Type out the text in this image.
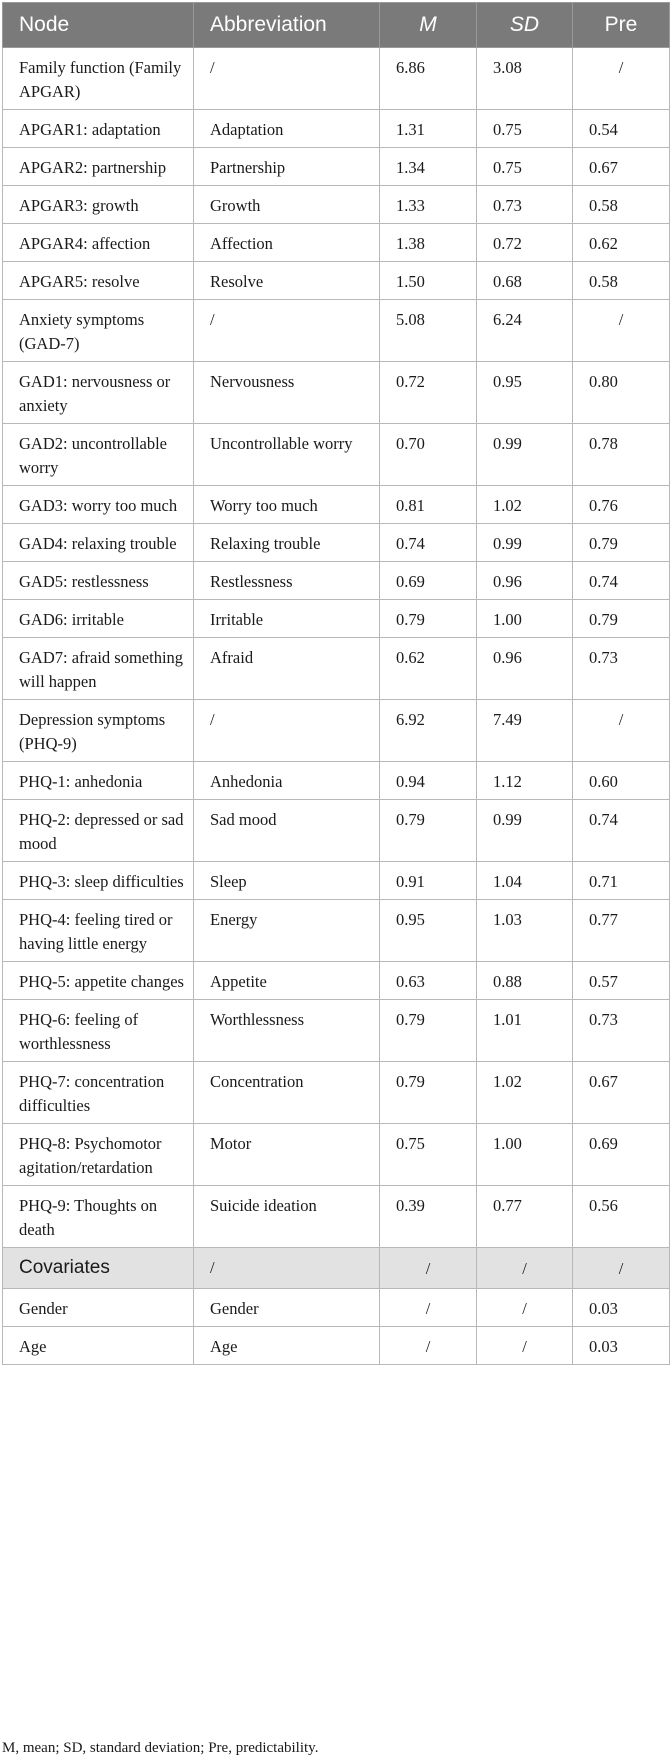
Node	Abbreviation	M	SD	Pre
Family function (Family APGAR)	/	6.86	3.08	/
APGAR1: adaptation	Adaptation	1.31	0.75	0.54
APGAR2: partnership	Partnership	1.34	0.75	0.67
APGAR3: growth	Growth	1.33	0.73	0.58
APGAR4: affection	Affection	1.38	0.72	0.62
APGAR5: resolve	Resolve	1.50	0.68	0.58
Anxiety symptoms (GAD-7)	/	5.08	6.24	/
GAD1: nervousness or anxiety	Nervousness	0.72	0.95	0.80
GAD2: uncontrollable worry	Uncontrollable worry	0.70	0.99	0.78
GAD3: worry too much	Worry too much	0.81	1.02	0.76
GAD4: relaxing trouble	Relaxing trouble	0.74	0.99	0.79
GAD5: restlessness	Restlessness	0.69	0.96	0.74
GAD6: irritable	Irritable	0.79	1.00	0.79
GAD7: afraid something will happen	Afraid	0.62	0.96	0.73
Depression symptoms (PHQ-9)	/	6.92	7.49	/
PHQ-1: anhedonia	Anhedonia	0.94	1.12	0.60
PHQ-2: depressed or sad mood	Sad mood	0.79	0.99	0.74
PHQ-3: sleep difficulties	Sleep	0.91	1.04	0.71
PHQ-4: feeling tired or having little energy	Energy	0.95	1.03	0.77
PHQ-5: appetite changes	Appetite	0.63	0.88	0.57
PHQ-6: feeling of worthlessness	Worthlessness	0.79	1.01	0.73
PHQ-7: concentration difficulties	Concentration	0.79	1.02	0.67
PHQ-8: Psychomotor agitation/retardation	Motor	0.75	1.00	0.69
PHQ-9: Thoughts on death	Suicide ideation	0.39	0.77	0.56
Covariates	/	/	/	/
Gender	Gender	/	/	0.03
Age	Age	/	/	0.03
M, mean; SD, standard deviation; Pre, predictability.
